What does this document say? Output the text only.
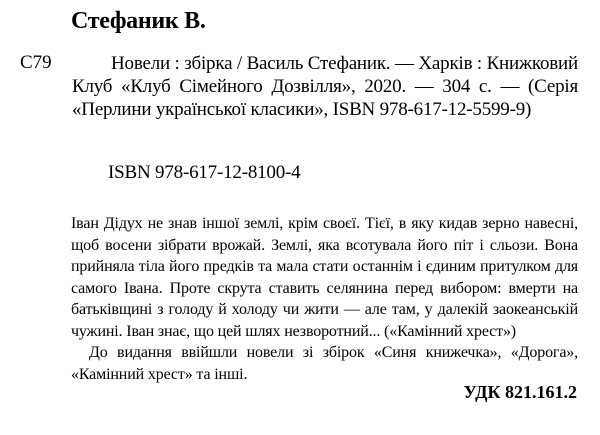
Стефаник В.
С79	Новели : збірка / Василь Стефаник. — Харків : Книжковий Клуб «Клуб Сімейного Дозвілля», 2020. — 304 с. — (Серія «Перлини української класики», ISBN 978-617-12-5599-9)
ISBN 978-617-12-8100-4

Іван Дідух не знав іншої землі, крім своєї. Тієї, в яку кидав зерно навесні, щоб восени зібрати врожай. Землі, яка всотувала його піт і сльози. Вона прийняла тіла його предків та мала стати останнім і єдиним притулком для самого Івана. Проте скрута ставить селянина перед вибором: вмерти на батьківщині з голоду й холоду чи жити — але там, у далекій заокеанській чужині. Іван знає, що цей шлях незворотний... («Камінний хрест»)

До видання ввійшли новели зі збірок «Синя книжечка», «Дорога», «Камінний хрест» та інші.

УДК 821.161.2
